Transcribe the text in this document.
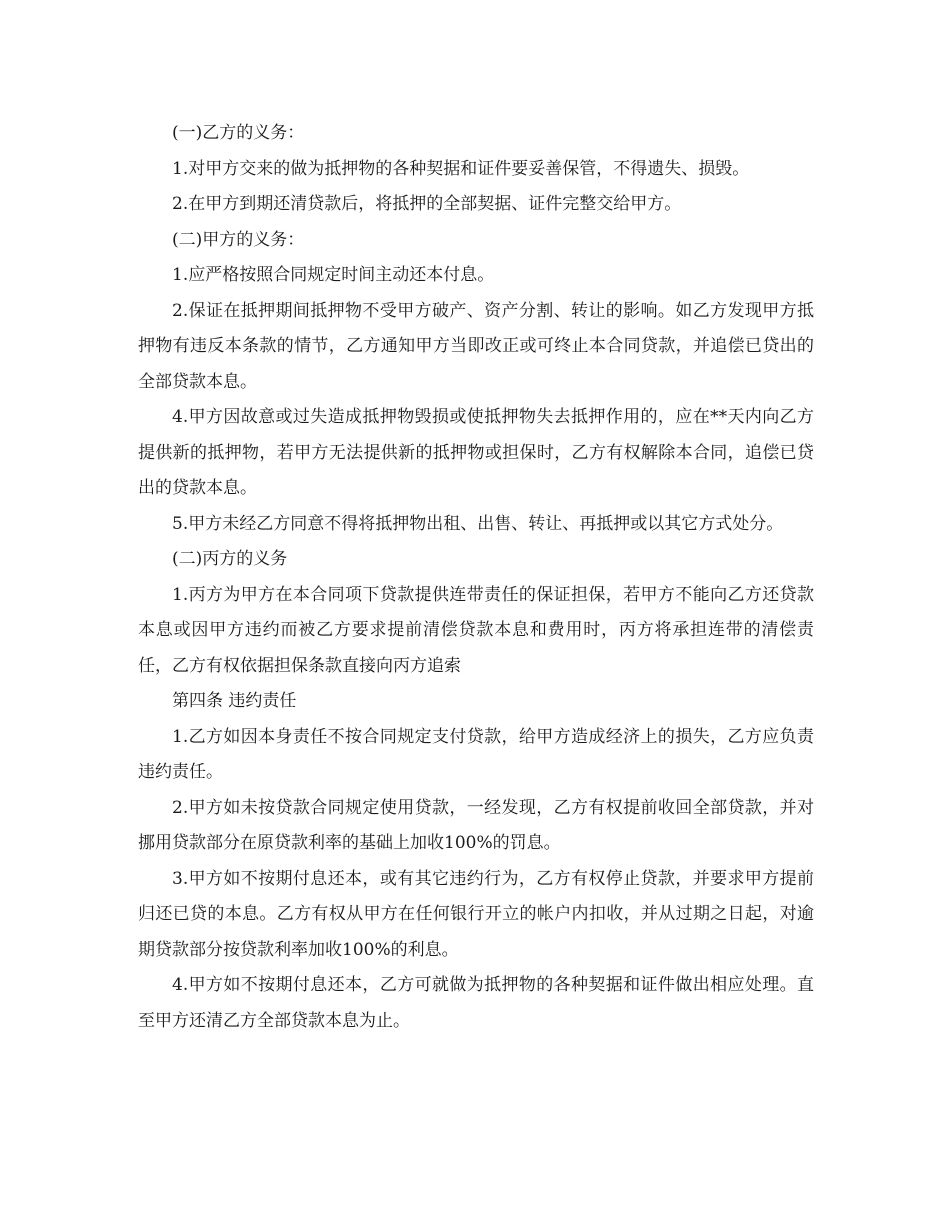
(一)乙方的义务：

1.对甲方交来的做为抵押物的各种契据和证件要妥善保管，不得遗失、损毁。

2.在甲方到期还清贷款后，将抵押的全部契据、证件完整交给甲方。

(二)甲方的义务：

1.应严格按照合同规定时间主动还本付息。

2.保证在抵押期间抵押物不受甲方破产、资产分割、转让的影响。如乙方发现甲方抵押物有违反本条款的情节，乙方通知甲方当即改正或可终止本合同贷款，并追偿已贷出的全部贷款本息。

4.甲方因故意或过失造成抵押物毁损或使抵押物失去抵押作用的，应在**天内向乙方提供新的抵押物，若甲方无法提供新的抵押物或担保时，乙方有权解除本合同，追偿已贷出的贷款本息。

5.甲方未经乙方同意不得将抵押物出租、出售、转让、再抵押或以其它方式处分。

(二)丙方的义务

1.丙方为甲方在本合同项下贷款提供连带责任的保证担保，若甲方不能向乙方还贷款本息或因甲方违约而被乙方要求提前清偿贷款本息和费用时，丙方将承担连带的清偿责任，乙方有权依据担保条款直接向丙方追索

第四条 违约责任

1.乙方如因本身责任不按合同规定支付贷款，给甲方造成经济上的损失，乙方应负责违约责任。

2.甲方如未按贷款合同规定使用贷款，一经发现，乙方有权提前收回全部贷款，并对挪用贷款部分在原贷款利率的基础上加收100%的罚息。

3.甲方如不按期付息还本，或有其它违约行为，乙方有权停止贷款，并要求甲方提前归还已贷的本息。乙方有权从甲方在任何银行开立的帐户内扣收，并从过期之日起，对逾期贷款部分按贷款利率加收100%的利息。

4.甲方如不按期付息还本，乙方可就做为抵押物的各种契据和证件做出相应处理。直至甲方还清乙方全部贷款本息为止。
